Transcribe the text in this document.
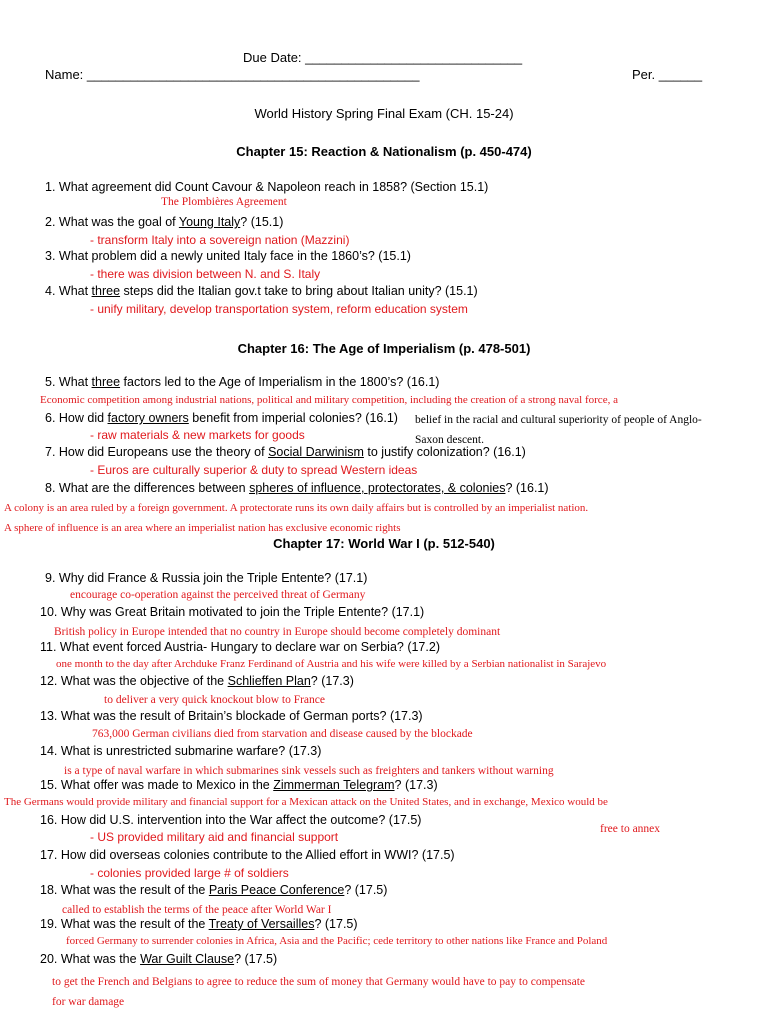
Due Date: ______________________________
Name: ______________________________________________	Per. ______
World History Spring Final Exam (CH. 15-24)
Chapter 15: Reaction & Nationalism (p. 450-474)
1. What agreement did Count Cavour & Napoleon reach in 1858? (Section 15.1)
The Plombières Agreement
2. What was the goal of Young Italy? (15.1)
- transform Italy into a sovereign nation (Mazzini)
3. What problem did a newly united Italy face in the 1860’s? (15.1)
- there was division between N. and S. Italy
4. What three steps did the Italian gov.t take to bring about Italian unity? (15.1)
- unify military, develop transportation system, reform education system
Chapter 16: The Age of Imperialism (p. 478-501)
5. What three factors led to the Age of Imperialism in the 1800’s? (16.1)
Economic competition among industrial nations, political and military competition, including the creation of a strong naval force, a
6. How did factory owners benefit from imperial colonies? (16.1) belief in the racial and cultural superiority of people of Anglo-
- raw materials & new markets for goods	Saxon descent.
7. How did Europeans use the theory of Social Darwinism to justify colonization? (16.1)
- Euros are culturally superior & duty to spread Western ideas
8. What are the differences between spheres of influence, protectorates, & colonies? (16.1)
A colony is an area ruled by a foreign government. A protectorate runs its own daily affairs but is controlled by an imperialist nation.
A sphere of influence is an area where an imperialist nation has exclusive economic rights
Chapter 17: World War I (p. 512-540)
9. Why did France & Russia join the Triple Entente? (17.1)
encourage co-operation against the perceived threat of Germany
10. Why was Great Britain motivated to join the Triple Entente? (17.1)
British policy in Europe intended that no country in Europe should become completely dominant
11. What event forced Austria- Hungary to declare war on Serbia? (17.2)
one month to the day after Archduke Franz Ferdinand of Austria and his wife were killed by a Serbian nationalist in Sarajevo
12. What was the objective of the Schlieffen Plan? (17.3)
to deliver a very quick knockout blow to France
13. What was the result of Britain’s blockade of German ports? (17.3)
763,000 German civilians died from starvation and disease caused by the blockade
14. What is unrestricted submarine warfare? (17.3)
is a type of naval warfare in which submarines sink vessels such as freighters and tankers without warning
15. What offer was made to Mexico in the Zimmerman Telegram? (17.3)
The Germans would provide military and financial support for a Mexican attack on the United States, and in exchange, Mexico would be
16. How did U.S. intervention into the War affect the outcome? (17.5)
free to annex
- US provided military aid and financial support
17. How did overseas colonies contribute to the Allied effort in WWI? (17.5)
- colonies provided large # of soldiers
18. What was the result of the Paris Peace Conference? (17.5)
called to establish the terms of the peace after World War I
19. What was the result of the Treaty of Versailles? (17.5)
forced Germany to surrender colonies in Africa, Asia and the Pacific; cede territory to other nations like France and Poland
20. What was the War Guilt Clause? (17.5)
to get the French and Belgians to agree to reduce the sum of money that Germany would have to pay to compensate
for war damage
